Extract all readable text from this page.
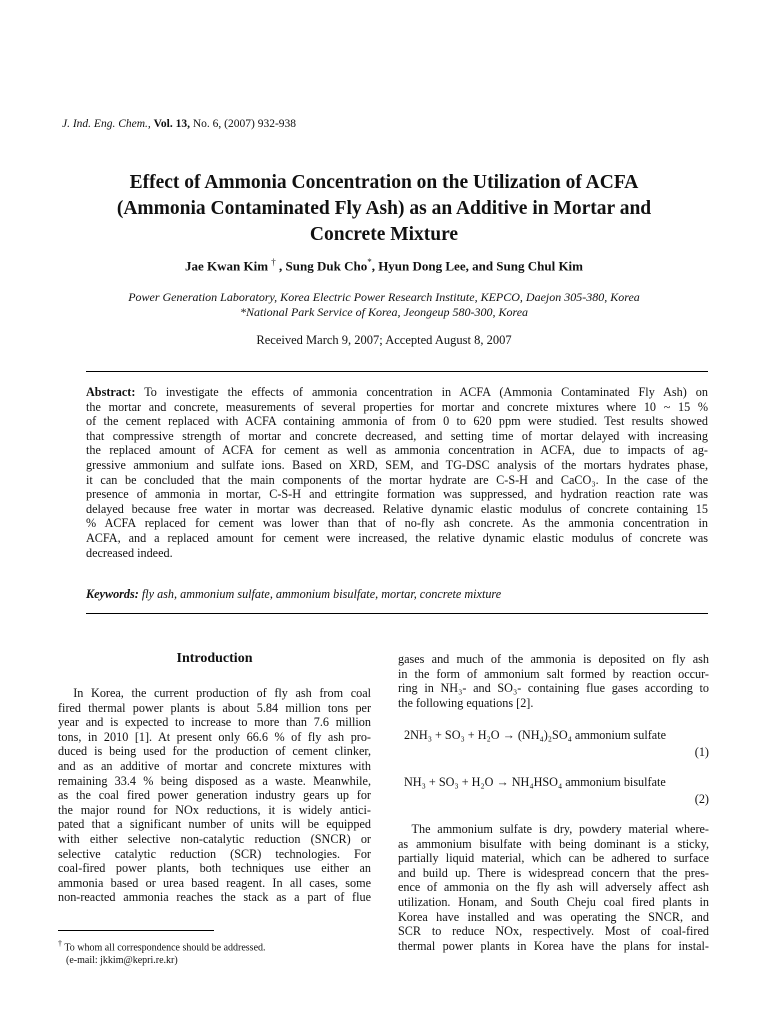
J. Ind. Eng. Chem., Vol. 13, No. 6, (2007) 932-938
Effect of Ammonia Concentration on the Utilization of ACFA
(Ammonia Contaminated Fly Ash) as an Additive in Mortar and
Concrete Mixture
Jae Kwan Kim † , Sung Duk Cho*, Hyun Dong Lee, and Sung Chul Kim
Power Generation Laboratory, Korea Electric Power Research Institute, KEPCO, Daejon 305-380, Korea
*National Park Service of Korea, Jeongeup 580-300, Korea
Received March 9, 2007; Accepted August 8, 2007
Abstract: To investigate the effects of ammonia concentration in ACFA (Ammonia Contaminated Fly Ash) on
the mortar and concrete, measurements of several properties for mortar and concrete mixtures where 10 ~ 15 %
of the cement replaced with ACFA containing ammonia of from 0 to 620 ppm were studied. Test results showed
that compressive strength of mortar and concrete decreased, and setting time of mortar delayed with increasing
the replaced amount of ACFA for cement as well as ammonia concentration in ACFA, due to impacts of ag-
gressive ammonium and sulfate ions. Based on XRD, SEM, and TG-DSC analysis of the mortars hydrates phase,
it can be concluded that the main components of the mortar hydrate are C-S-H and CaCO₃. In the case of the
presence of ammonia in mortar, C-S-H and ettringite formation was suppressed, and hydration reaction rate was
delayed because free water in mortar was decreased. Relative dynamic elastic modulus of concrete containing 15
% ACFA replaced for cement was lower than that of no-fly ash concrete. As the ammonia concentration in
ACFA, and a replaced amount for cement were increased, the relative dynamic elastic modulus of concrete was
decreased indeed.
Keywords: fly ash, ammonium sulfate, ammonium bisulfate, mortar, concrete mixture
Introduction
In Korea, the current production of fly ash from coal
fired thermal power plants is about 5.84 million tons per
year and is expected to increase to more than 7.6 million
tons, in 2010 [1]. At present only 66.6 % of fly ash pro-
duced is being used for the production of cement clinker,
and as an additive of mortar and concrete mixtures with
remaining 33.4 % being disposed as a waste. Meanwhile,
as the coal fired power generation industry gears up for
the major round for NOx reductions, it is widely antici-
pated that a significant number of units will be equipped
with either selective non-catalytic reduction (SNCR) or
selective catalytic reduction (SCR) technologies. For
coal-fired power plants, both techniques use either an
ammonia based or urea based reagent. In all cases, some
non-reacted ammonia reaches the stack as a part of flue
† To whom all correspondence should be addressed.
(e-mail: jkkim@kepri.re.kr)
gases and much of the ammonia is deposited on fly ash
in the form of ammonium salt formed by reaction occur-
ring in NH₃- and SO₃- containing flue gases according to
the following equations [2].
2NH₃ + SO₃ + H₂O → (NH₄)₂SO₄ ammonium sulfate
(1)
NH₃ + SO₃ + H₂O → NH₄HSO₄ ammonium bisulfate
(2)
The ammonium sulfate is dry, powdery material where-
as ammonium bisulfate with being dominant is a sticky,
partially liquid material, which can be adhered to surface
and build up. There is widespread concern that the pres-
ence of ammonia on the fly ash will adversely affect ash
utilization. Honam, and South Cheju coal fired plants in
Korea have installed and was operating the SNCR, and
SCR to reduce NOx, respectively. Most of coal-fired
thermal power plants in Korea have the plans for instal-
